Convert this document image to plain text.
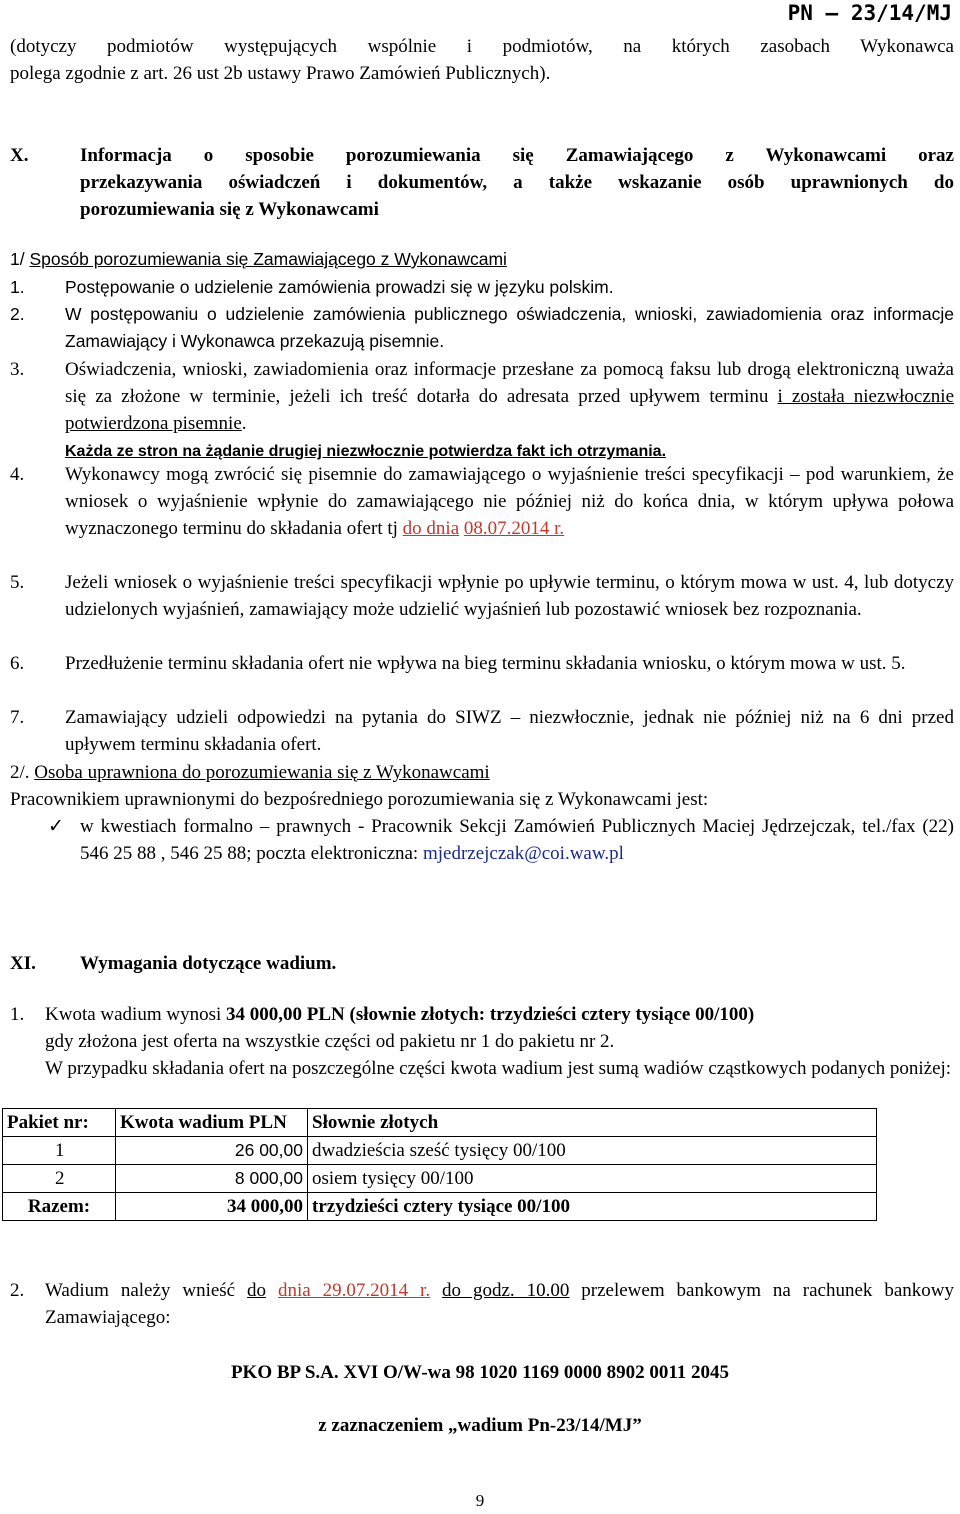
PN – 23/14/MJ
(dotyczy podmiotów występujących wspólnie i podmiotów, na których zasobach Wykonawca
polega zgodnie z art. 26 ust 2b ustawy Prawo Zamówień Publicznych).
X.	Informacja o sposobie porozumiewania się Zamawiającego z Wykonawcami oraz
przekazywania oświadczeń i dokumentów, a także wskazanie osób uprawnionych do
porozumiewania się z Wykonawcami
1/ Sposób porozumiewania się Zamawiającego z Wykonawcami
1. Postępowanie o udzielenie zamówienia prowadzi się w języku polskim.
2. W postępowaniu o udzielenie zamówienia publicznego oświadczenia, wnioski, zawiadomienia oraz informacje Zamawiający i Wykonawca przekazują pisemnie.
3. Oświadczenia, wnioski, zawiadomienia oraz informacje przesłane za pomocą faksu lub drogą elektroniczną uważa się za złożone w terminie, jeżeli ich treść dotarła do adresata przed upływem terminu i została niezwłocznie potwierdzona pisemnie.
Każda ze stron na żądanie drugiej niezwłocznie potwierdza fakt ich otrzymania.
4. Wykonawcy mogą zwrócić się pisemnie do zamawiającego o wyjaśnienie treści specyfikacji – pod warunkiem, że wniosek o wyjaśnienie wpłynie do zamawiającego nie później niż do końca dnia, w którym upływa połowa wyznaczonego terminu do składania ofert tj do dnia 08.07.2014 r.
5. Jeżeli wniosek o wyjaśnienie treści specyfikacji wpłynie po upływie terminu, o którym mowa w ust. 4, lub dotyczy udzielonych wyjaśnień, zamawiający może udzielić wyjaśnień lub pozostawić wniosek bez rozpoznania.
6. Przedłużenie terminu składania ofert nie wpływa na bieg terminu składania wniosku, o którym mowa w ust. 5.
7. Zamawiający udzieli odpowiedzi na pytania do SIWZ – niezwłocznie, jednak nie później niż na 6 dni przed upływem terminu składania ofert.
2/. Osoba uprawniona do porozumiewania się z Wykonawcami
Pracownikiem uprawnionymi do bezpośredniego porozumiewania się z Wykonawcami jest:
✓ w kwestiach formalno – prawnych - Pracownik Sekcji Zamówień Publicznych Maciej Jędrzejczak, tel./fax (22) 546 25 88 , 546 25 88; poczta elektroniczna: mjedrzejczak@coi.waw.pl
XI. Wymagania dotyczące wadium.
1. Kwota wadium wynosi 34 000,00 PLN (słownie złotych: trzydzieści cztery tysiące 00/100)
gdy złożona jest oferta na wszystkie części od pakietu nr 1 do pakietu nr 2.
W przypadku składania ofert na poszczególne części kwota wadium jest sumą wadiów cząstkowych podanych poniżej:
Pakiet nr:	Kwota wadium PLN	Słownie złotych
1	26 00,00	dwadzieścia sześć tysięcy 00/100
2	8 000,00	osiem tysięcy 00/100
Razem:	34 000,00	trzydzieści cztery tysiące 00/100
2. Wadium należy wnieść do dnia 29.07.2014 r. do godz. 10.00 przelewem bankowym na rachunek bankowy Zamawiającego:
PKO BP S.A. XVI O/W-wa 98 1020 1169 0000 8902 0011 2045
z zaznaczeniem „wadium Pn-23/14/MJ”
9
